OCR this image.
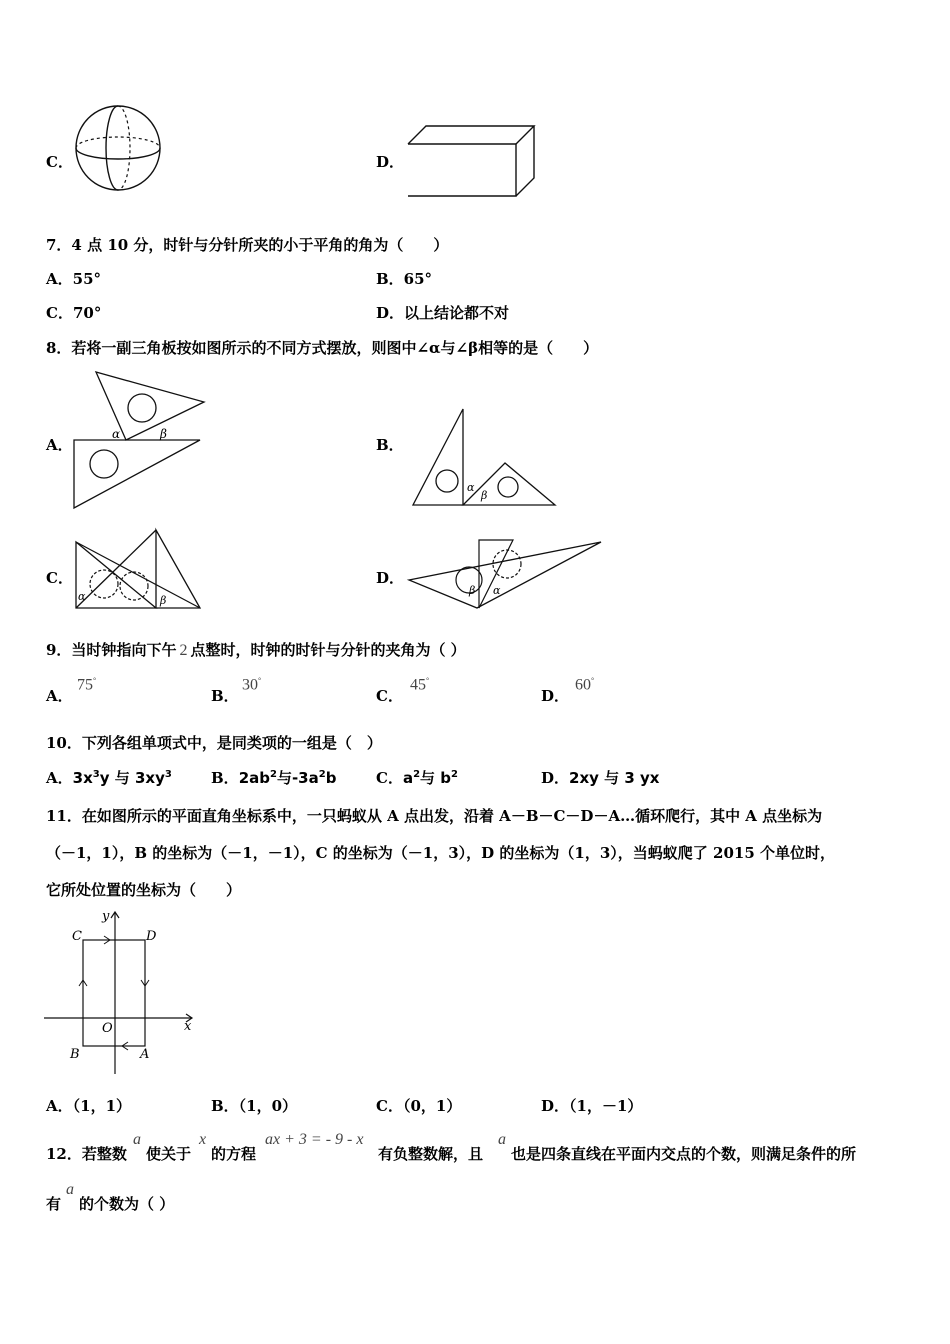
C．	D．
7．4 点 10 分，时针与分针所夹的小于平角的角为（　　）
A．55°	B．65°
C．70°	D．以上结论都不对
8．若将一副三角板按如图所示的不同方式摆放，则图中∠α与∠β相等的是（　　）
A．
α	β
B．
α
β
C．
α	β
D．
β α
9．当时钟指向下午 2 点整时，时钟的时针与分针的夹角为（ ）
A．
75°
B．
30°
C．
45°
D．
60°
10．下列各组单项式中，是同类项的一组是（　）
A．$3x^3y$ 与 $3xy^3$	B．$2ab^2$与$-3a^2b$	C．$a^2$与 $b^2$	D．2xy 与 3 yx
11．在如图所示的平面直角坐标系中，一只蚂蚁从 A 点出发，沿着 A－B－C－D－A…循环爬行，其中 A 点坐标为
（－1，1），B 的坐标为（－1，－1），C 的坐标为（－1，3），D 的坐标为（1，3），当蚂蚁爬了 2015 个单位时，
它所处位置的坐标为（　　）
y
x
O
C	D
B	A
A．（1，1）	B．（1，0）	C．（0，1）	D．（1，－1）
12．若整数
a
使关于
x
的方程
ax + 3 = - 9 - x
有负整数解，且
a
也是四条直线在平面内交点的个数，则满足条件的所
有
a
的个数为（ ）
